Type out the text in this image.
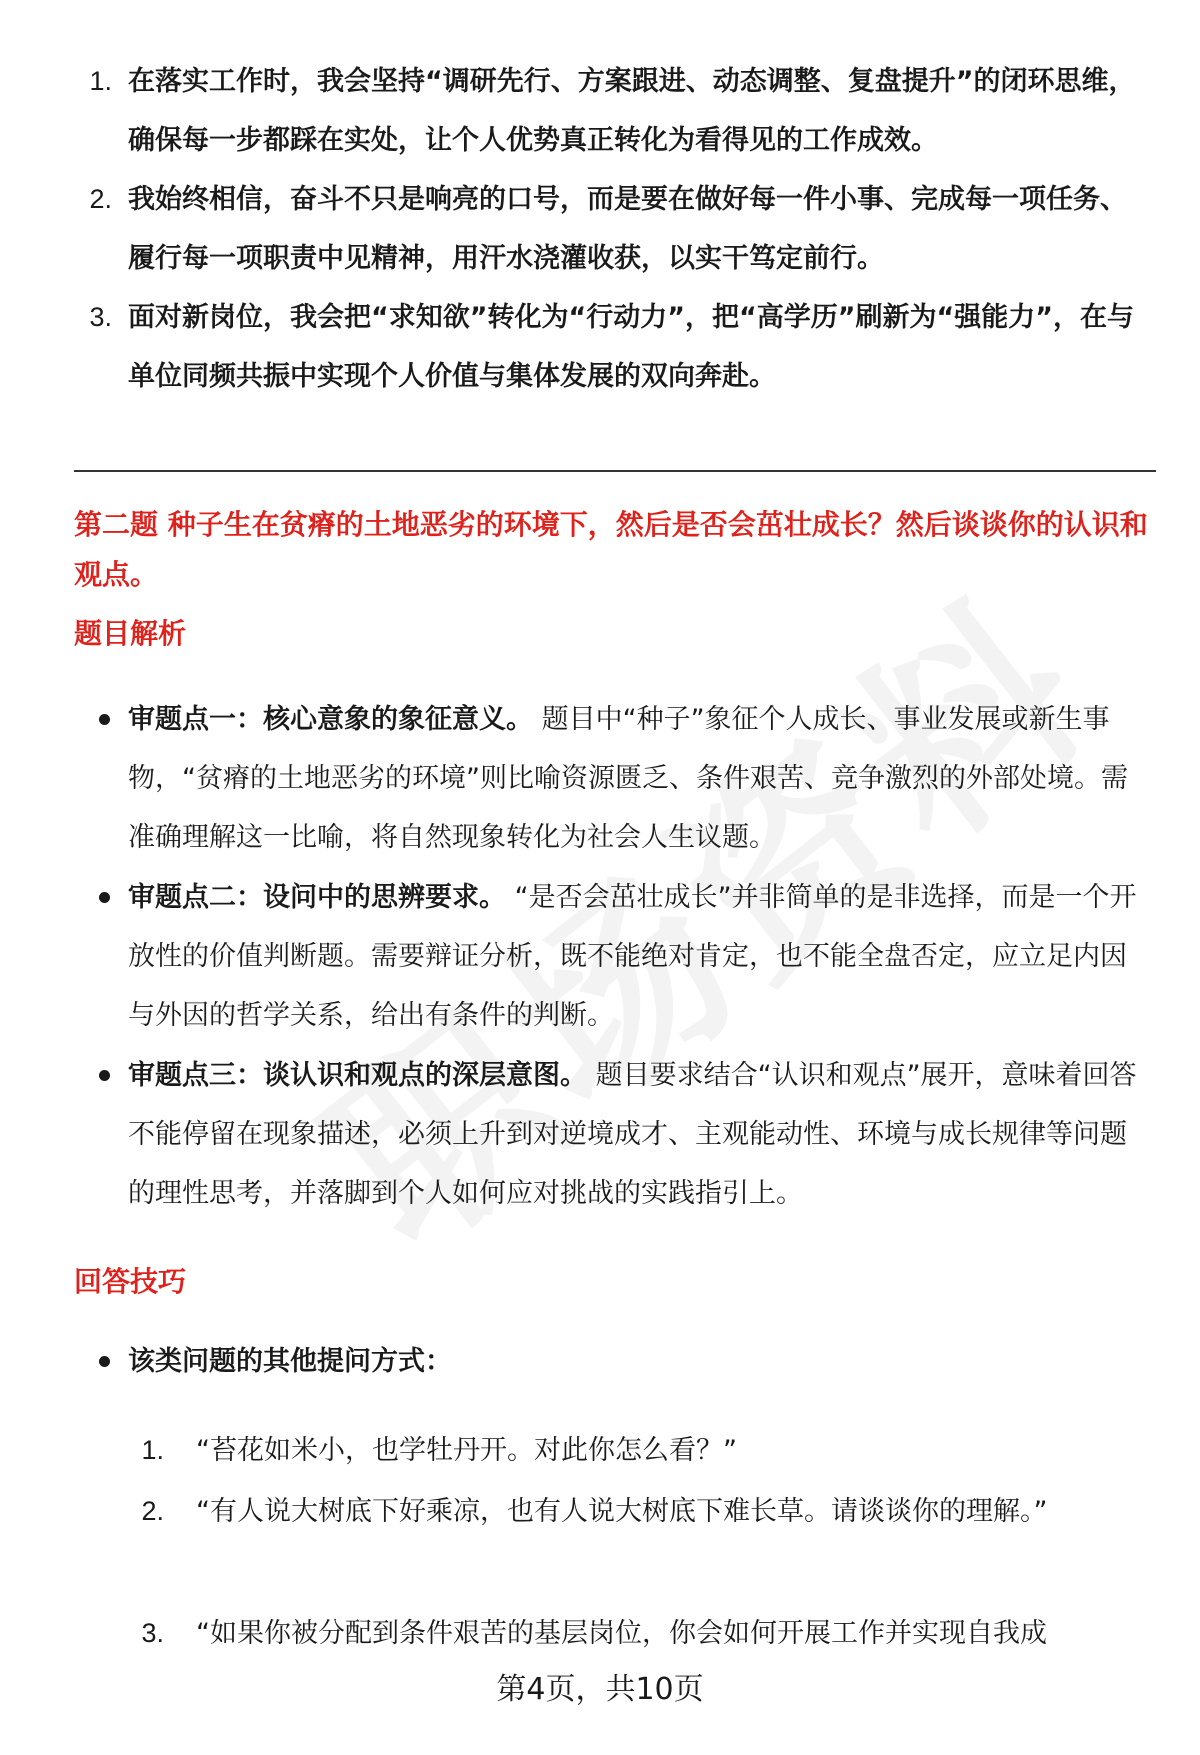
1. 在落实工作时，我会坚持“调研先行、方案跟进、动态调整、复盘提升”的闭环思维，确保每一步都踩在实处，让个人优势真正转化为看得见的工作成效。
2. 我始终相信，奋斗不只是响亮的口号，而是要在做好每一件小事、完成每一项任务、履行每一项职责中见精神，用汗水浇灌收获，以实干笃定前行。
3. 面对新岗位，我会把“求知欲”转化为“行动力”，把“高学历”刷新为“强能力”，在与单位同频共振中实现个人价值与集体发展的双向奔赴。
第二题 种子生在贫瘠的土地恶劣的环境下，然后是否会茁壮成长？然后谈谈你的认识和观点。
题目解析
审题点一：核心意象的象征意义。 题目中“种子”象征个人成长、事业发展或新生事物，“贫瘠的土地恶劣的环境”则比喻资源匮乏、条件艰苦、竞争激烈的外部处境。需准确理解这一比喻，将自然现象转化为社会人生议题。
审题点二：设问中的思辨要求。 “是否会茁壮成长”并非简单的是非选择，而是一个开放性的价值判断题。需要辩证分析，既不能绝对肯定，也不能全盘否定，应立足内因与外因的哲学关系，给出有条件的判断。
审题点三：谈认识和观点的深层意图。 题目要求结合“认识和观点”展开，意味着回答不能停留在现象描述，必须上升到对逆境成才、主观能动性、环境与成长规律等问题的理性思考，并落脚到个人如何应对挑战的实践指引上。
回答技巧
该类问题的其他提问方式：
1. “苔花如米小，也学牡丹开。对此你怎么看？”
2. “有人说大树底下好乘凉，也有人说大树底下难长草。请谈谈你的理解。”
3. “如果你被分配到条件艰苦的基层岗位，你会如何开展工作并实现自我成
第4页，共10页
